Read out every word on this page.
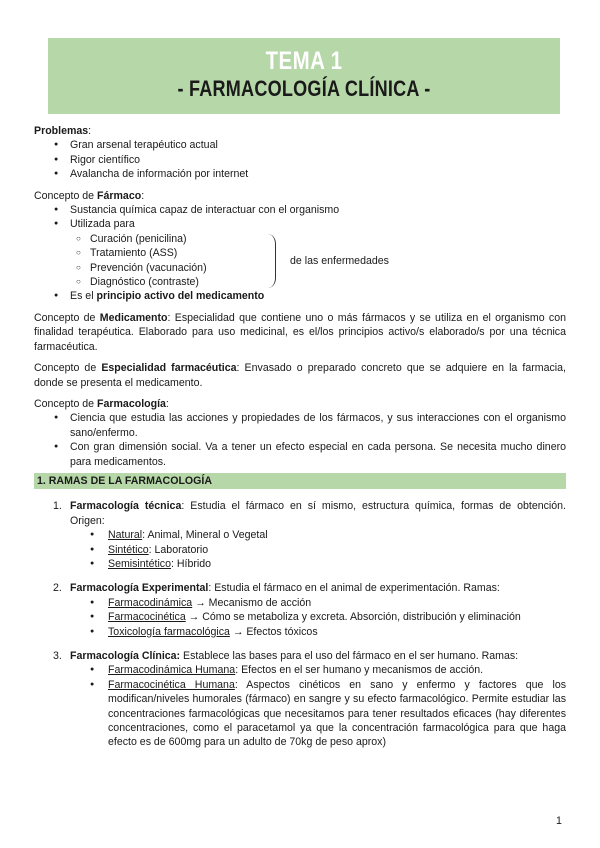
TEMA 1
- FARMACOLOGÍA CLÍNICA -

Problemas:

● Gran arsenal terapéutico actual
● Rigor científico
● Avalancha de información por internet

Concepto de Fármaco:

● Sustancia química capaz de interactuar con el organismo
● Utilizada para
○ Curación (penicilina)
○ Tratamiento (ASS)
○ Prevención (vacunación)
○ Diagnóstico (contraste)
de las enfermedades
● Es el principio activo del medicamento

Concepto de Medicamento: Especialidad que contiene uno o más fármacos y se utiliza en el organismo con finalidad terapéutica. Elaborado para uso medicinal, es el/los principios activo/s elaborado/s por una técnica farmacéutica.

Concepto de Especialidad farmacéutica: Envasado o preparado concreto que se adquiere en la farmacia, donde se presenta el medicamento.

Concepto de Farmacología:

● Ciencia que estudia las acciones y propiedades de los fármacos, y sus interacciones con el organismo sano/enfermo.
● Con gran dimensión social. Va a tener un efecto especial en cada persona. Se necesita mucho dinero para medicamentos.
1. RAMAS DE LA FARMACOLOGÍA
1. Farmacología técnica: Estudia el fármaco en sí mismo, estructura química, formas de obtención. Origen:

● Natural: Animal, Mineral o Vegetal
● Sintético: Laboratorio
● Semisintético: Híbrido
2. Farmacología Experimental: Estudia el fármaco en el animal de experimentación. Ramas:

● Farmacodinámica → Mecanismo de acción
● Farmacocinética → Cómo se metaboliza y excreta. Absorción, distribución y eliminación
● Toxicología farmacológica → Efectos tóxicos
3. Farmacología Clínica: Establece las bases para el uso del fármaco en el ser humano. Ramas:

● Farmacodinámica Humana: Efectos en el ser humano y mecanismos de acción.
● Farmacocinética Humana: Aspectos cinéticos en sano y enfermo y factores que los modifican/niveles humorales (fármaco) en sangre y su efecto farmacológico. Permite estudiar las concentraciones farmacológicas que necesitamos para tener resultados eficaces (hay diferentes concentraciones, como el paracetamol ya que la concentración farmacológica para que haga efecto es de 600mg para un adulto de 70kg de peso aprox)
1
